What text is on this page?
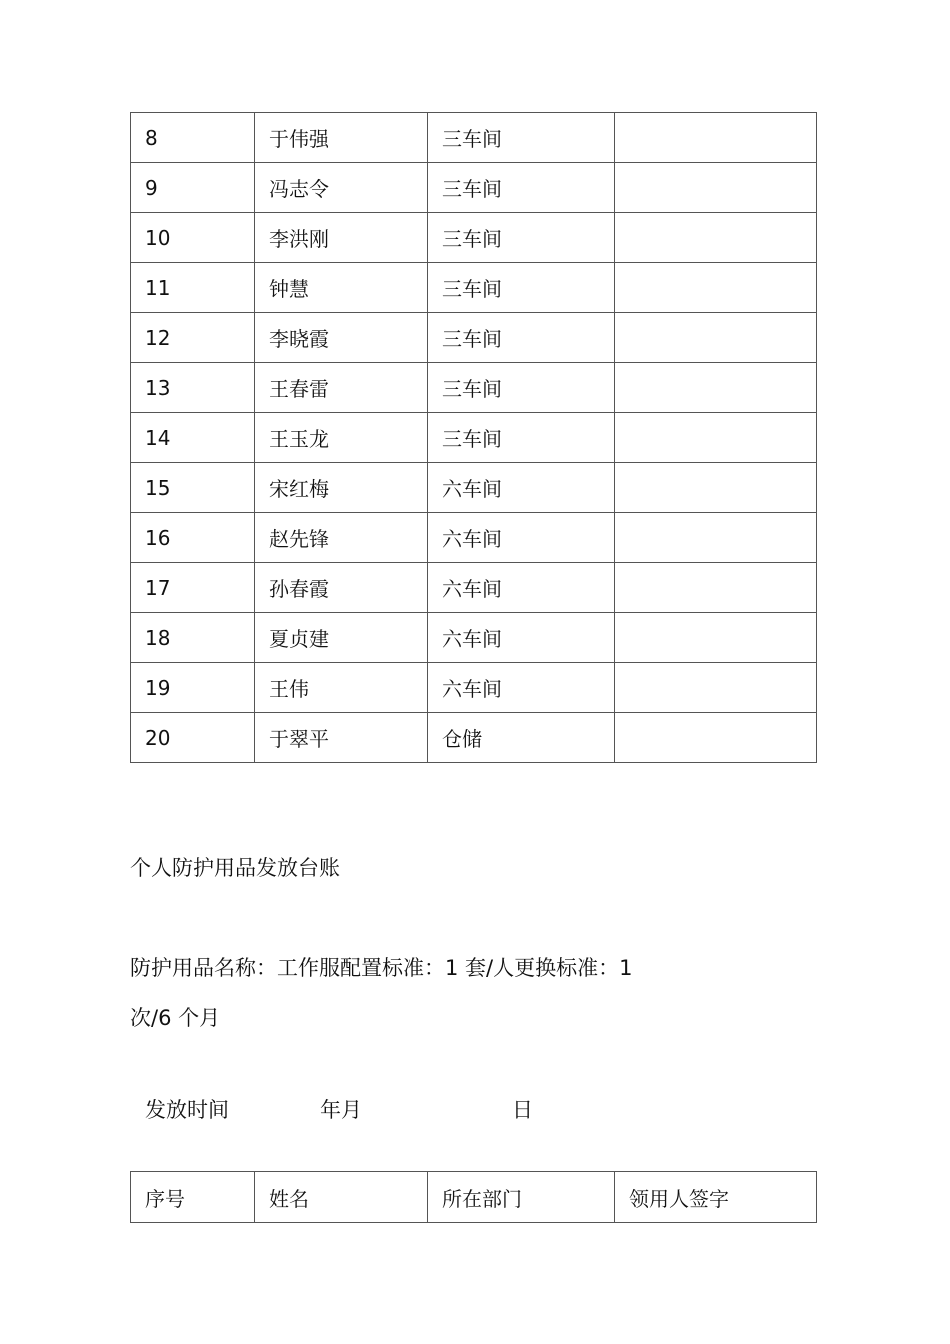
8	于伟强	三车间	
9	冯志令	三车间	
10	李洪刚	三车间	
11	钟慧	三车间	
12	李晓霞	三车间	
13	王春雷	三车间	
14	王玉龙	三车间	
15	宋红梅	六车间	
16	赵先锋	六车间	
17	孙春霞	六车间	
18	夏贞建	六车间	
19	王伟	六车间	
20	于翠平	仓储	
个人防护用品发放台账
防护用品名称：工作服配置标准：1 套/人更换标准：1
次/6 个月
发放时间	年月	日
序号	姓名	所在部门	领用人签字
